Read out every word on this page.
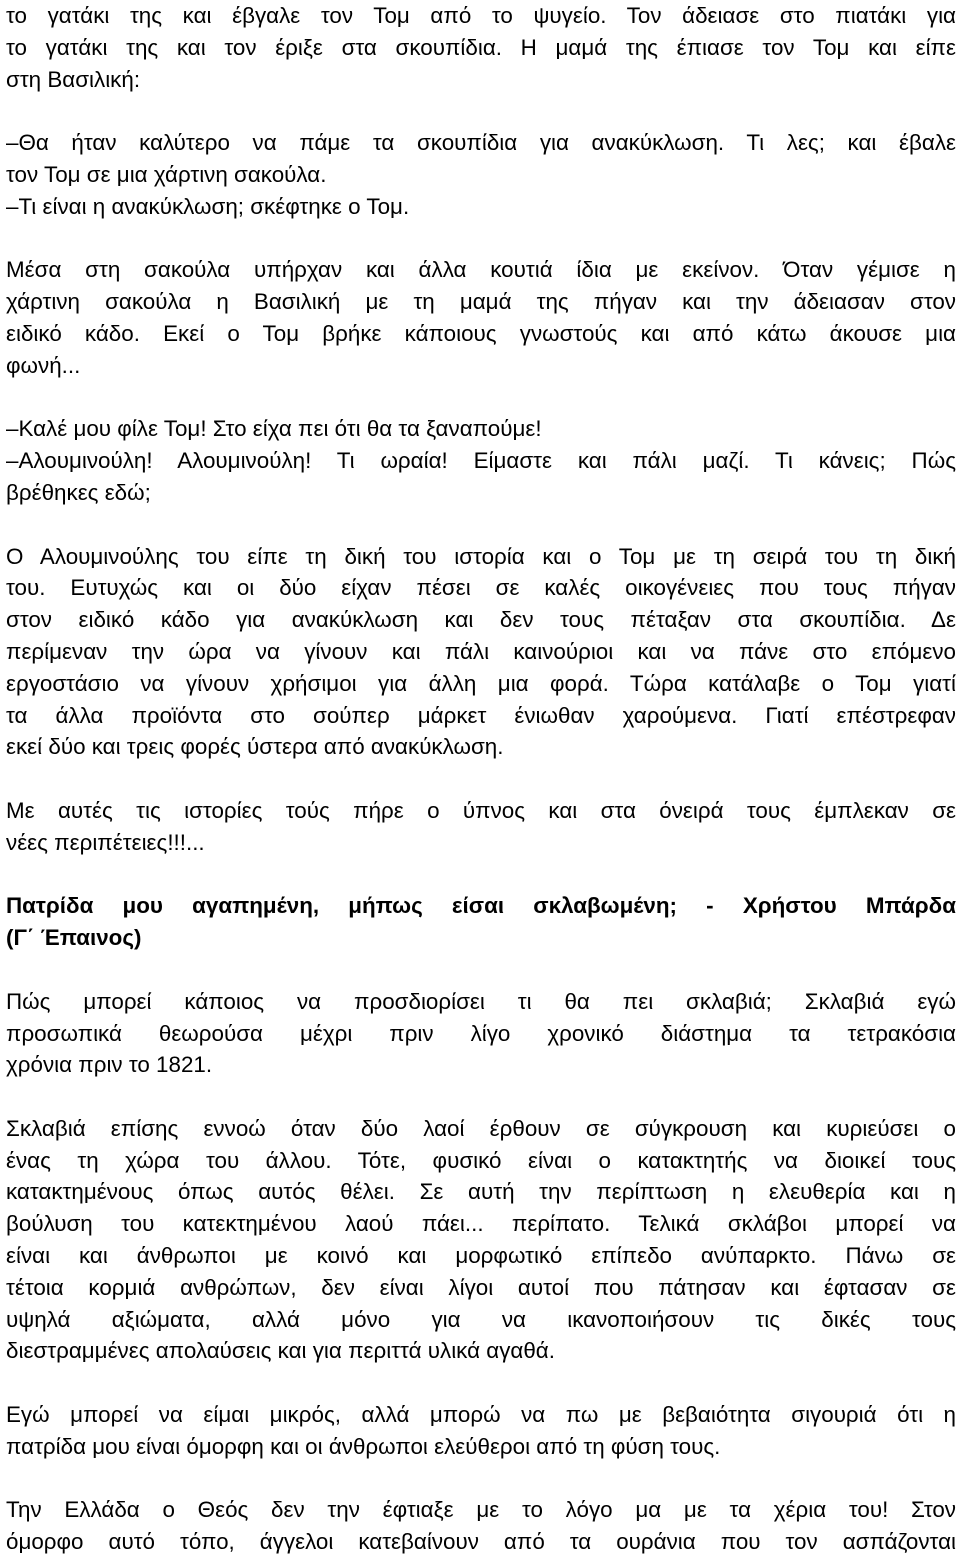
το γατάκι της και έβγαλε τον Τομ από το ψυγείο. Τον άδειασε στο πιατάκι για
το γατάκι της και τον έριξε στα σκουπίδια. Η μαμά της έπιασε τον Τομ και είπε
στη Βασιλική:
–Θα ήταν καλύτερο να πάμε τα σκουπίδια για ανακύκλωση. Τι λες; και έβαλε
τον Τομ σε μια χάρτινη σακούλα.
–Τι είναι η ανακύκλωση; σκέφτηκε ο Τομ.
Μέσα στη σακούλα υπήρχαν και άλλα κουτιά ίδια με εκείνον. Όταν γέμισε η
χάρτινη σακούλα η Βασιλική με τη μαμά της πήγαν και την άδειασαν στον
ειδικό κάδο. Εκεί ο Τομ βρήκε κάποιους γνωστούς και από κάτω άκουσε μια
φωνή...
–Καλέ μου φίλε Τομ! Στο είχα πει ότι θα τα ξαναπούμε!
–Αλουμινούλη! Αλουμινούλη! Τι ωραία! Είμαστε και πάλι μαζί. Τι κάνεις; Πώς
βρέθηκες εδώ;
Ο Αλουμινούλης του είπε τη δική του ιστορία και ο Τομ με τη σειρά του τη δική
του. Ευτυχώς και οι δύο είχαν πέσει σε καλές οικογένειες που τους πήγαν
στον ειδικό κάδο για ανακύκλωση και δεν τους πέταξαν στα σκουπίδια. Δε
περίμεναν την ώρα να γίνουν και πάλι καινούριοι και να πάνε στο επόμενο
εργοστάσιο να γίνουν χρήσιμοι για άλλη μια φορά. Τώρα κατάλαβε ο Τομ γιατί
τα άλλα προϊόντα στο σούπερ μάρκετ ένιωθαν χαρούμενα. Γιατί επέστρεφαν
εκεί δύο και τρεις φορές ύστερα από ανακύκλωση.
Με αυτές τις ιστορίες τούς πήρε ο ύπνος και στα όνειρά τους έμπλεκαν σε
νέες περιπέτειες!!!...
Πατρίδα μου αγαπημένη, μήπως είσαι σκλαβωμένη; - Χρήστου Μπάρδα
(Γ΄ Έπαινος)
Πώς μπορεί κάποιος να προσδιορίσει τι θα πει σκλαβιά; Σκλαβιά εγώ
προσωπικά θεωρούσα μέχρι πριν λίγο χρονικό διάστημα τα τετρακόσια
χρόνια πριν το 1821.
Σκλαβιά επίσης εννοώ όταν δύο λαοί έρθουν σε σύγκρουση και κυριεύσει ο
ένας τη χώρα του άλλου. Τότε, φυσικό είναι ο κατακτητής να διοικεί τους
κατακτημένους όπως αυτός θέλει. Σε αυτή την περίπτωση η ελευθερία και η
βούλυση του κατεκτημένου λαού πάει... περίπατο. Τελικά σκλάβοι μπορεί να
είναι και άνθρωποι με κοινό και μορφωτικό επίπεδο ανύπαρκτο. Πάνω σε
τέτοια κορμιά ανθρώπων, δεν είναι λίγοι αυτοί που πάτησαν και έφτασαν σε
υψηλά αξιώματα, αλλά μόνο για να ικανοποιήσουν τις δικές τους
διεστραμμένες απολαύσεις και για περιττά υλικά αγαθά.
Εγώ μπορεί να είμαι μικρός, αλλά μπορώ να πω με βεβαιότητα σιγουριά ότι η
πατρίδα μου είναι όμορφη και οι άνθρωποι ελεύθεροι από τη φύση τους.
Την Ελλάδα ο Θεός δεν την έφτιαξε με το λόγο μα με τα χέρια του! Στον
όμορφο αυτό τόπο, άγγελοι κατεβαίνουν από τα ουράνια που τον ασπάζονται
